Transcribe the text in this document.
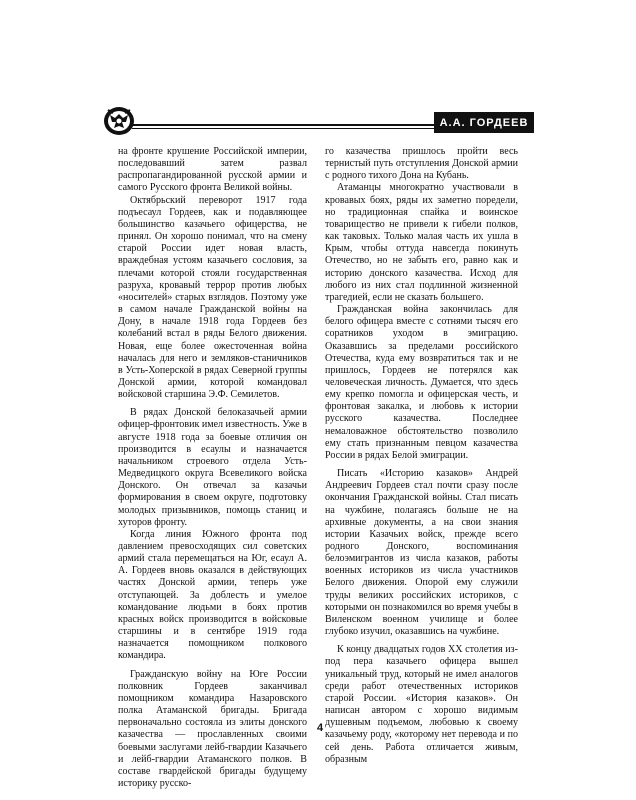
А.А. ГОРДЕЕВ

на фронте крушение Российской империи, последовавший затем развал распропагандированной русской армии и самого Русского фронта Великой войны.

Октябрьский переворот 1917 года подъесаул Гордеев, как и подавляющее большинство казачьего офицерства, не принял. Он хорошо понимал, что на смену старой России идет новая власть, враждебная устоям казачьего сословия, за плечами которой стояли государственная разруха, кровавый террор против любых «носителей» старых взглядов. Поэтому уже в самом начале Гражданской войны на Дону, в начале 1918 года Гордеев без колебаний встал в ряды Белого движения. Новая, еще более ожесточенная война началась для него и земляков-станичников в Усть-Хоперской в рядах Северной группы Донской армии, которой командовал войсковой старшина Э.Ф. Семилетов.

В рядах Донской белоказачьей армии офицер-фронтовик имел известность. Уже в августе 1918 года за боевые отличия он производится в есаулы и назначается начальником строевого отдела Усть-Медведицкого округа Всевеликого войска Донского. Он отвечал за казачьи формирования в своем округе, подготовку молодых призывников, помощь станиц и хуторов фронту.

Когда линия Южного фронта под давлением превосходящих сил советских армий стала перемещаться на Юг, есаул А. А. Гордеев вновь оказался в действующих частях Донской армии, теперь уже отступающей. За доблесть и умелое командование людьми в боях против красных войск производится в войсковые старшины и в сентябре 1919 года назначается помощником полкового командира.

Гражданскую войну на Юге России полковник Гордеев заканчивал помощником командира Назаровского полка Атаманской бригады. Бригада первоначально состояла из элиты донского казачества — прославленных своими боевыми заслугами лейб-гвардии Казачьего и лейб-гвардии Атаманского полков. В составе гвардейской бригады будущему историку русско-

го казачества пришлось пройти весь тернистый путь отступления Донской армии с родного тихого Дона на Кубань.

Атаманцы многократно участвовали в кровавых боях, ряды их заметно поредели, но традиционная спайка и воинское товарищество не привели к гибели полков, как таковых. Только малая часть их ушла в Крым, чтобы оттуда навсегда покинуть Отечество, но не забыть его, равно как и историю донского казачества. Исход для любого из них стал подлинной жизненной трагедией, если не сказать большего.

Гражданская война закончилась для белого офицера вместе с сотнями тысяч его соратников уходом в эмиграцию. Оказавшись за пределами российского Отечества, куда ему возвратиться так и не пришлось, Гордеев не потерялся как человеческая личность. Думается, что здесь ему крепко помогла и офицерская честь, и фронтовая закалка, и любовь к истории русского казачества. Последнее немаловажное обстоятельство позволило ему стать признанным певцом казачества России в рядах Белой эмиграции.

Писать «Историю казаков» Андрей Андреевич Гордеев стал почти сразу после окончания Гражданской войны. Стал писать на чужбине, полагаясь больше не на архивные документы, а на свои знания истории Казачьих войск, прежде всего родного Донского, воспоминания белоэмигрантов из числа казаков, работы военных историков из числа участников Белого движения. Опорой ему служили труды великих российских историков, с которыми он познакомился во время учебы в Виленском военном училище и более глубоко изучил, оказавшись на чужбине.

К концу двадцатых годов XX столетия из-под пера казачьего офицера вышел уникальный труд, который не имел аналогов среди работ отечественных историков старой России. «История казаков». Он написан автором с хорошо видимым душевным подъемом, любовью к своему казачьему роду, «которому нет перевода и по сей день. Работа отличается живым, образным

4
